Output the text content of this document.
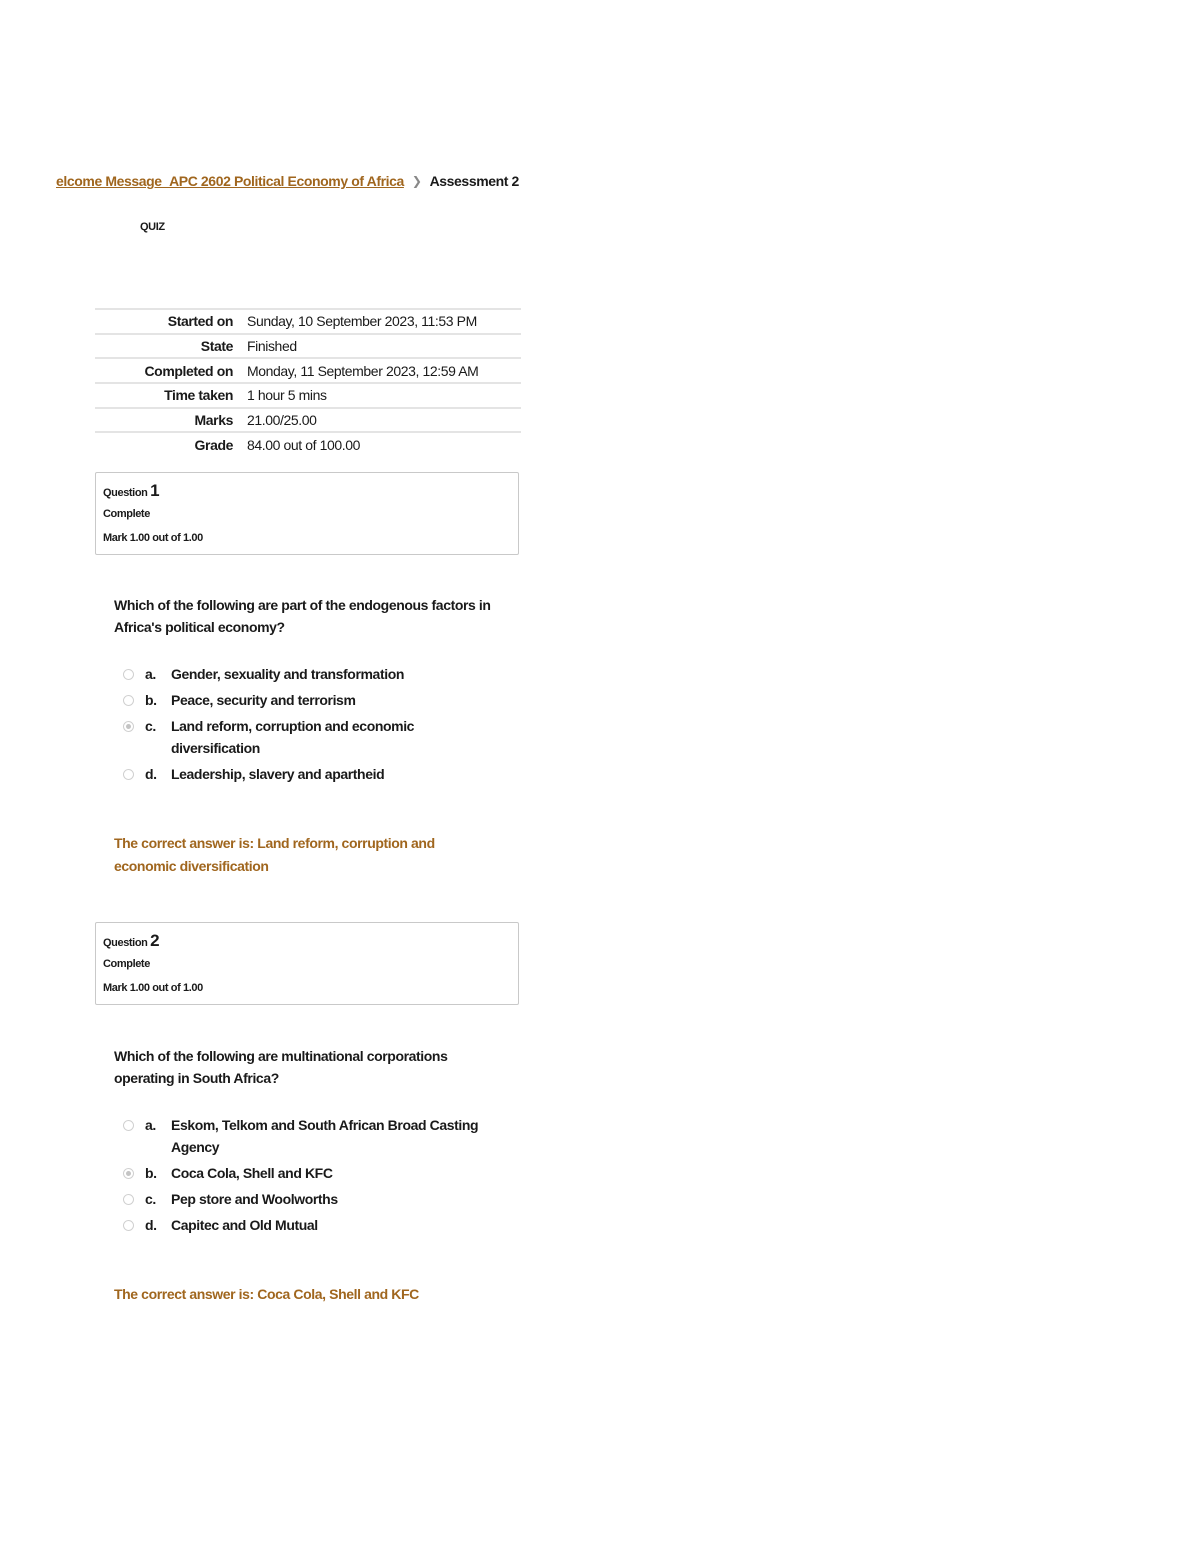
elcome Message_APC 2602 Political Economy of Africa ❯ Assessment 2
QUIZ
Started on	Sunday, 10 September 2023, 11:53 PM
State	Finished
Completed on	Monday, 11 September 2023, 12:59 AM
Time taken	1 hour 5 mins
Marks	21.00/25.00
Grade	84.00 out of 100.00
Question 1
Complete
Mark 1.00 out of 1.00
Which of the following are part of the endogenous factors in Africa's political economy?
a.	Gender, sexuality and transformation
b.	Peace, security and terrorism
c.	Land reform, corruption and economic diversification
d.	Leadership, slavery and apartheid
The correct answer is: Land reform, corruption and economic diversification
Question 2
Complete
Mark 1.00 out of 1.00
Which of the following are multinational corporations operating in South Africa?
a.	Eskom, Telkom and South African Broad Casting Agency
b.	Coca Cola, Shell and KFC
c.	Pep store and Woolworths
d.	Capitec and Old Mutual
The correct answer is: Coca Cola, Shell and KFC
